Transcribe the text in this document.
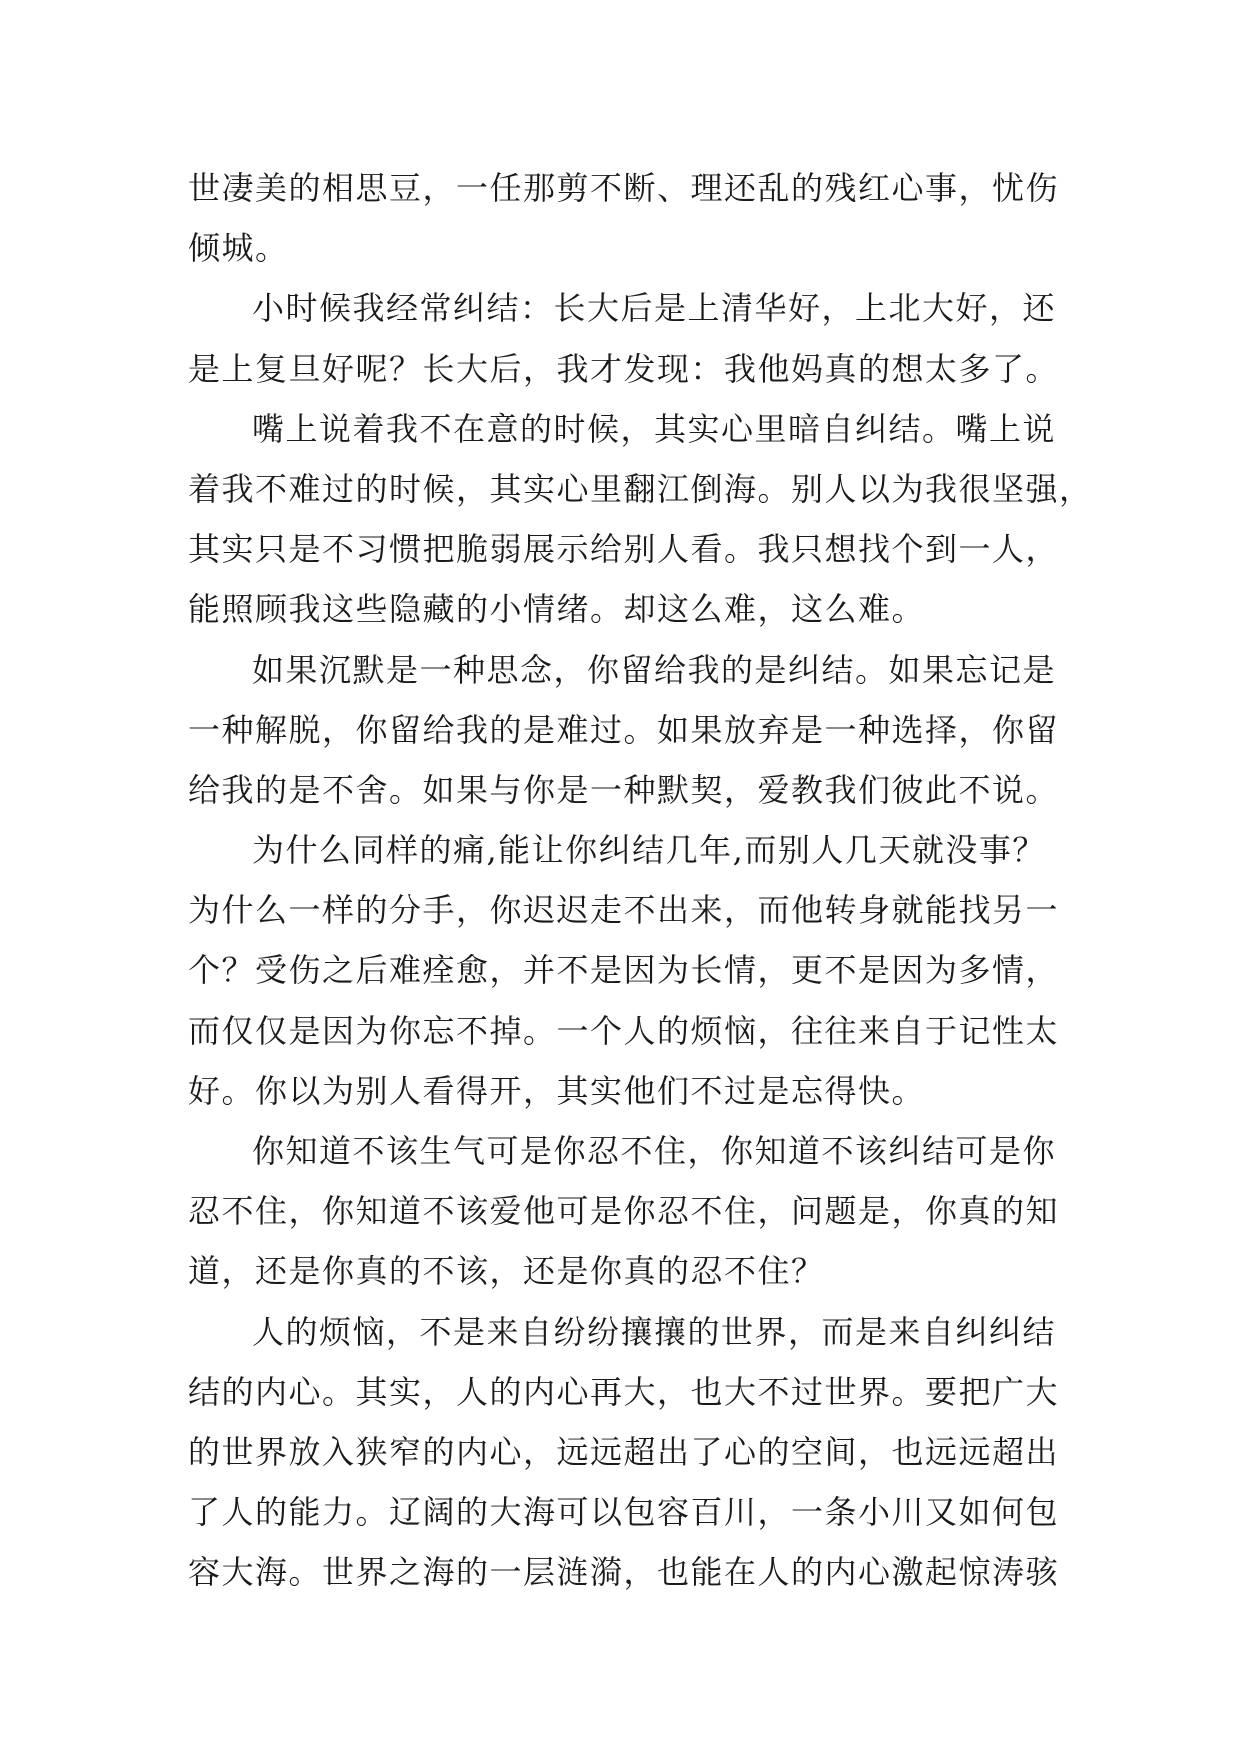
世凄美的相思豆，一任那剪不断、理还乱的残红心事，忧伤
倾城。
小时候我经常纠结：长大后是上清华好，上北大好，还
是上复旦好呢？长大后，我才发现：我他妈真的想太多了。
嘴上说着我不在意的时候，其实心里暗自纠结。嘴上说
着我不难过的时候，其实心里翻江倒海。别人以为我很坚强，
其实只是不习惯把脆弱展示给别人看。我只想找个到一人，
能照顾我这些隐藏的小情绪。却这么难，这么难。
如果沉默是一种思念，你留给我的是纠结。如果忘记是
一种解脱，你留给我的是难过。如果放弃是一种选择，你留
给我的是不舍。如果与你是一种默契，爱教我们彼此不说。
为什么同样的痛,能让你纠结几年,而别人几天就没事？
为什么一样的分手，你迟迟走不出来，而他转身就能找另一
个？受伤之后难痊愈，并不是因为长情，更不是因为多情，
而仅仅是因为你忘不掉。一个人的烦恼，往往来自于记性太
好。你以为别人看得开，其实他们不过是忘得快。
你知道不该生气可是你忍不住，你知道不该纠结可是你
忍不住，你知道不该爱他可是你忍不住，问题是，你真的知
道，还是你真的不该，还是你真的忍不住？
人的烦恼，不是来自纷纷攘攘的世界，而是来自纠纠结
结的内心。其实，人的内心再大，也大不过世界。要把广大
的世界放入狭窄的内心，远远超出了心的空间，也远远超出
了人的能力。辽阔的大海可以包容百川，一条小川又如何包
容大海。世界之海的一层涟漪，也能在人的内心激起惊涛骇
